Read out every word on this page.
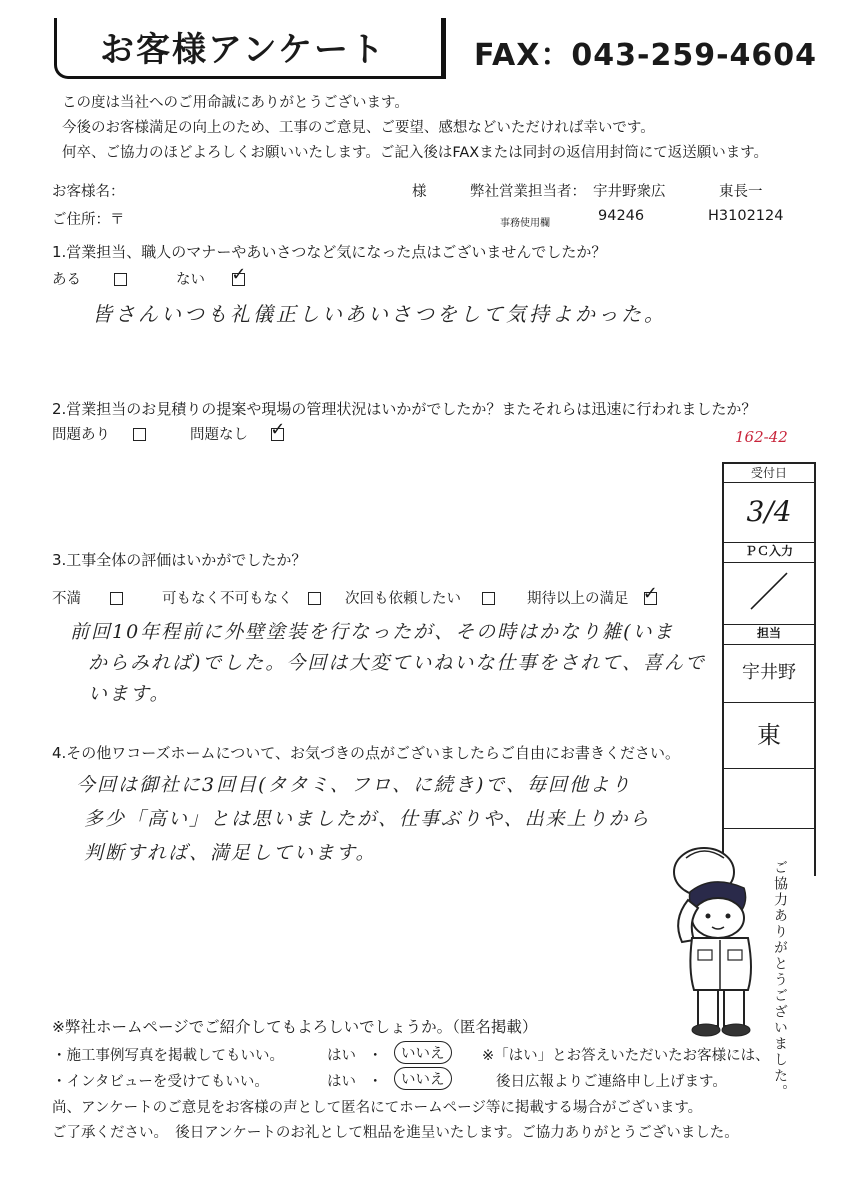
お客様アンケート	FAX：043-259-4604
この度は当社へのご用命誠にありがとうございます。
今後のお客様満足の向上のため、工事のご意見、ご要望、感想などいただければ幸いです。
何卒、ご協力のほどよろしくお願いいたします。ご記入後はFAXまたは同封の返信用封筒にて返送願います。
お客様名：	様	弊社営業担当者： 宇井野衆広	東長一
ご住所：〒	事務使用欄	94246	H3102124
1.営業担当、職人のマナーやあいさつなど気になった点はございませんでしたか？
ある	ない ✓
皆さんいつも礼儀正しいあいさつをして気持よかった。
2.営業担当のお見積りの提案や現場の管理状況はいかがでしたか？またそれらは迅速に行われましたか？
問題あり	問題なし ✓
3.工事全体の評価はいかがでしたか？
不満	可もなく不可もなく	次回も依頼したい	期待以上の満足 ✓
前回10年程前に外壁塗装を行なったが、その時はかなり雑(いま
からみれば)でした。今回は大変ていねいな仕事をされて、喜んで
います。
4.その他ワコーズホームについて、お気づきの点がございましたらご自由にお書きください。
今回は御社に3回目(タタミ、フロ、に続き)で、毎回他より
多少「高い」とは思いましたが、仕事ぶりや、出来上りから
判断すれば、満足しています。
162-42
受付日
3/4
ＰＣ入力
／
担当
宇井野
東
ご協力ありがとうございました。
※弊社ホームページでご紹介してもよろしいでしょうか。（匿名掲載）
・施工事例写真を掲載してもいい。	はい ・	いいえ	※「はい」とお答えいただいたお客様には、
・インタビューを受けてもいい。	はい ・	いいえ	後日広報よりご連絡申し上げます。
尚、アンケートのご意見をお客様の声として匿名にてホームページ等に掲載する場合がございます。
ご了承ください。　後日アンケートのお礼として粗品を進呈いたします。ご協力ありがとうございました。
